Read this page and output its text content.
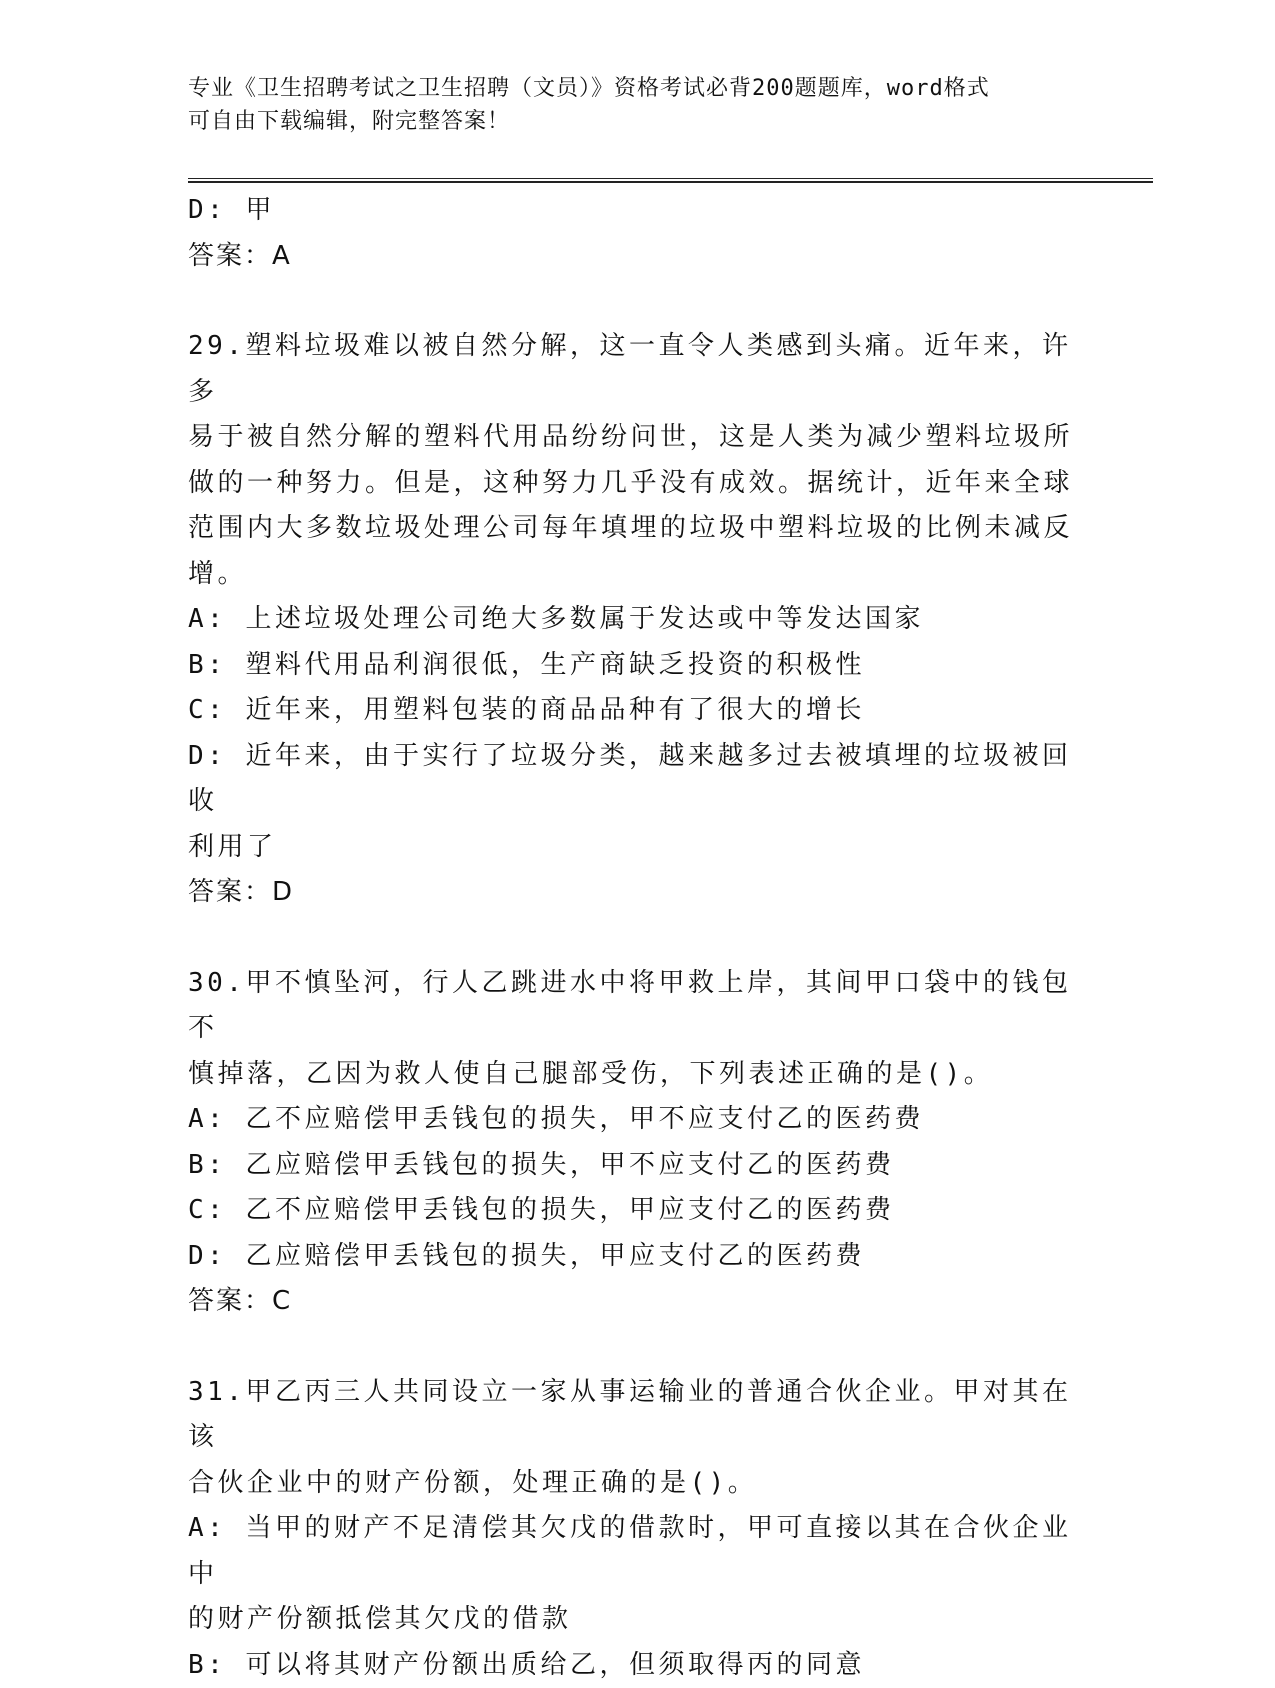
专业《卫生招聘考试之卫生招聘（文员）》资格考试必背200题题库，word格式
可自由下载编辑，附完整答案！

D: 甲

答案：A

29.塑料垃圾难以被自然分解，这一直令人类感到头痛。近年来，许多

易于被自然分解的塑料代用品纷纷问世，这是人类为减少塑料垃圾所

做的一种努力。但是，这种努力几乎没有成效。据统计，近年来全球

范围内大多数垃圾处理公司每年填埋的垃圾中塑料垃圾的比例未减反

增。

A: 上述垃圾处理公司绝大多数属于发达或中等发达国家

B: 塑料代用品利润很低，生产商缺乏投资的积极性

C: 近年来，用塑料包装的商品品种有了很大的增长

D: 近年来，由于实行了垃圾分类，越来越多过去被填埋的垃圾被回收

利用了

答案：D

30.甲不慎坠河，行人乙跳进水中将甲救上岸，其间甲口袋中的钱包不

慎掉落，乙因为救人使自己腿部受伤，下列表述正确的是()。

A: 乙不应赔偿甲丢钱包的损失，甲不应支付乙的医药费

B: 乙应赔偿甲丢钱包的损失，甲不应支付乙的医药费

C: 乙不应赔偿甲丢钱包的损失，甲应支付乙的医药费

D: 乙应赔偿甲丢钱包的损失，甲应支付乙的医药费

答案：C

31.甲乙丙三人共同设立一家从事运输业的普通合伙企业。甲对其在该

合伙企业中的财产份额，处理正确的是()。

A: 当甲的财产不足清偿其欠戊的借款时，甲可直接以其在合伙企业中

的财产份额抵偿其欠戊的借款

B: 可以将其财产份额出质给乙，但须取得丙的同意
